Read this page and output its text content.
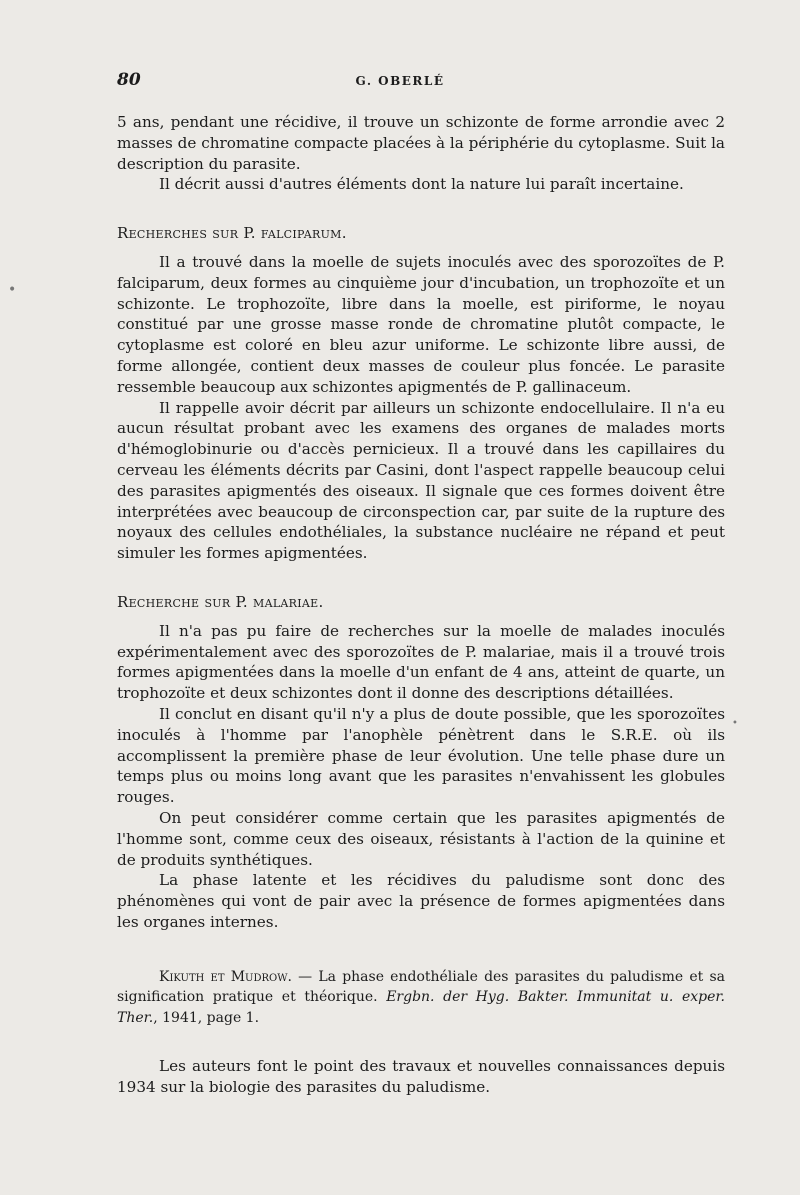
80	G. OBERLÉ

5 ans, pendant une récidive, il trouve un schizonte de forme arrondie avec 2 masses de chromatine compacte placées à la périphérie du cytoplasme. Suit la description du parasite.

Il décrit aussi d'autres éléments dont la nature lui paraît incertaine.

Recherches sur P. falciparum.

Il a trouvé dans la moelle de sujets inoculés avec des sporozoïtes de P. falciparum, deux formes au cinquième jour d'incubation, un trophozoïte et un schizonte. Le trophozoïte, libre dans la moelle, est piriforme, le noyau constitué par une grosse masse ronde de chromatine plutôt compacte, le cytoplasme est coloré en bleu azur uniforme. Le schizonte libre aussi, de forme allongée, contient deux masses de couleur plus foncée. Le parasite ressemble beaucoup aux schizontes apigmentés de P. gallinaceum.

Il rappelle avoir décrit par ailleurs un schizonte endocellulaire. Il n'a eu aucun résultat probant avec les examens des organes de malades morts d'hémoglobinurie ou d'accès pernicieux. Il a trouvé dans les capillaires du cerveau les éléments décrits par Casini, dont l'aspect rappelle beaucoup celui des parasites apigmentés des oiseaux. Il signale que ces formes doivent être interprétées avec beaucoup de circonspection car, par suite de la rupture des noyaux des cellules endothéliales, la substance nucléaire ne répand et peut simuler les formes apigmentées.

Recherche sur P. malariae.

Il n'a pas pu faire de recherches sur la moelle de malades inoculés expérimentalement avec des sporozoïtes de P. malariae, mais il a trouvé trois formes apigmentées dans la moelle d'un enfant de 4 ans, atteint de quarte, un trophozoïte et deux schizontes dont il donne des descriptions détaillées.

Il conclut en disant qu'il n'y a plus de doute possible, que les sporozoïtes inoculés à l'homme par l'anophèle pénètrent dans le S.R.E. où ils accomplissent la première phase de leur évolution. Une telle phase dure un temps plus ou moins long avant que les parasites n'envahissent les globules rouges.

On peut considérer comme certain que les parasites apigmentés de l'homme sont, comme ceux des oiseaux, résistants à l'action de la quinine et de produits synthétiques.

La phase latente et les récidives du paludisme sont donc des phénomènes qui vont de pair avec la présence de formes apigmentées dans les organes internes.

Kikuth et Mudrow. — La phase endothéliale des parasites du paludisme et sa signification pratique et théorique. Ergbn. der Hyg. Bakter. Immunitat u. exper. Ther., 1941, page 1.

Les auteurs font le point des travaux et nouvelles connaissances depuis 1934 sur la biologie des parasites du paludisme.

•
•
